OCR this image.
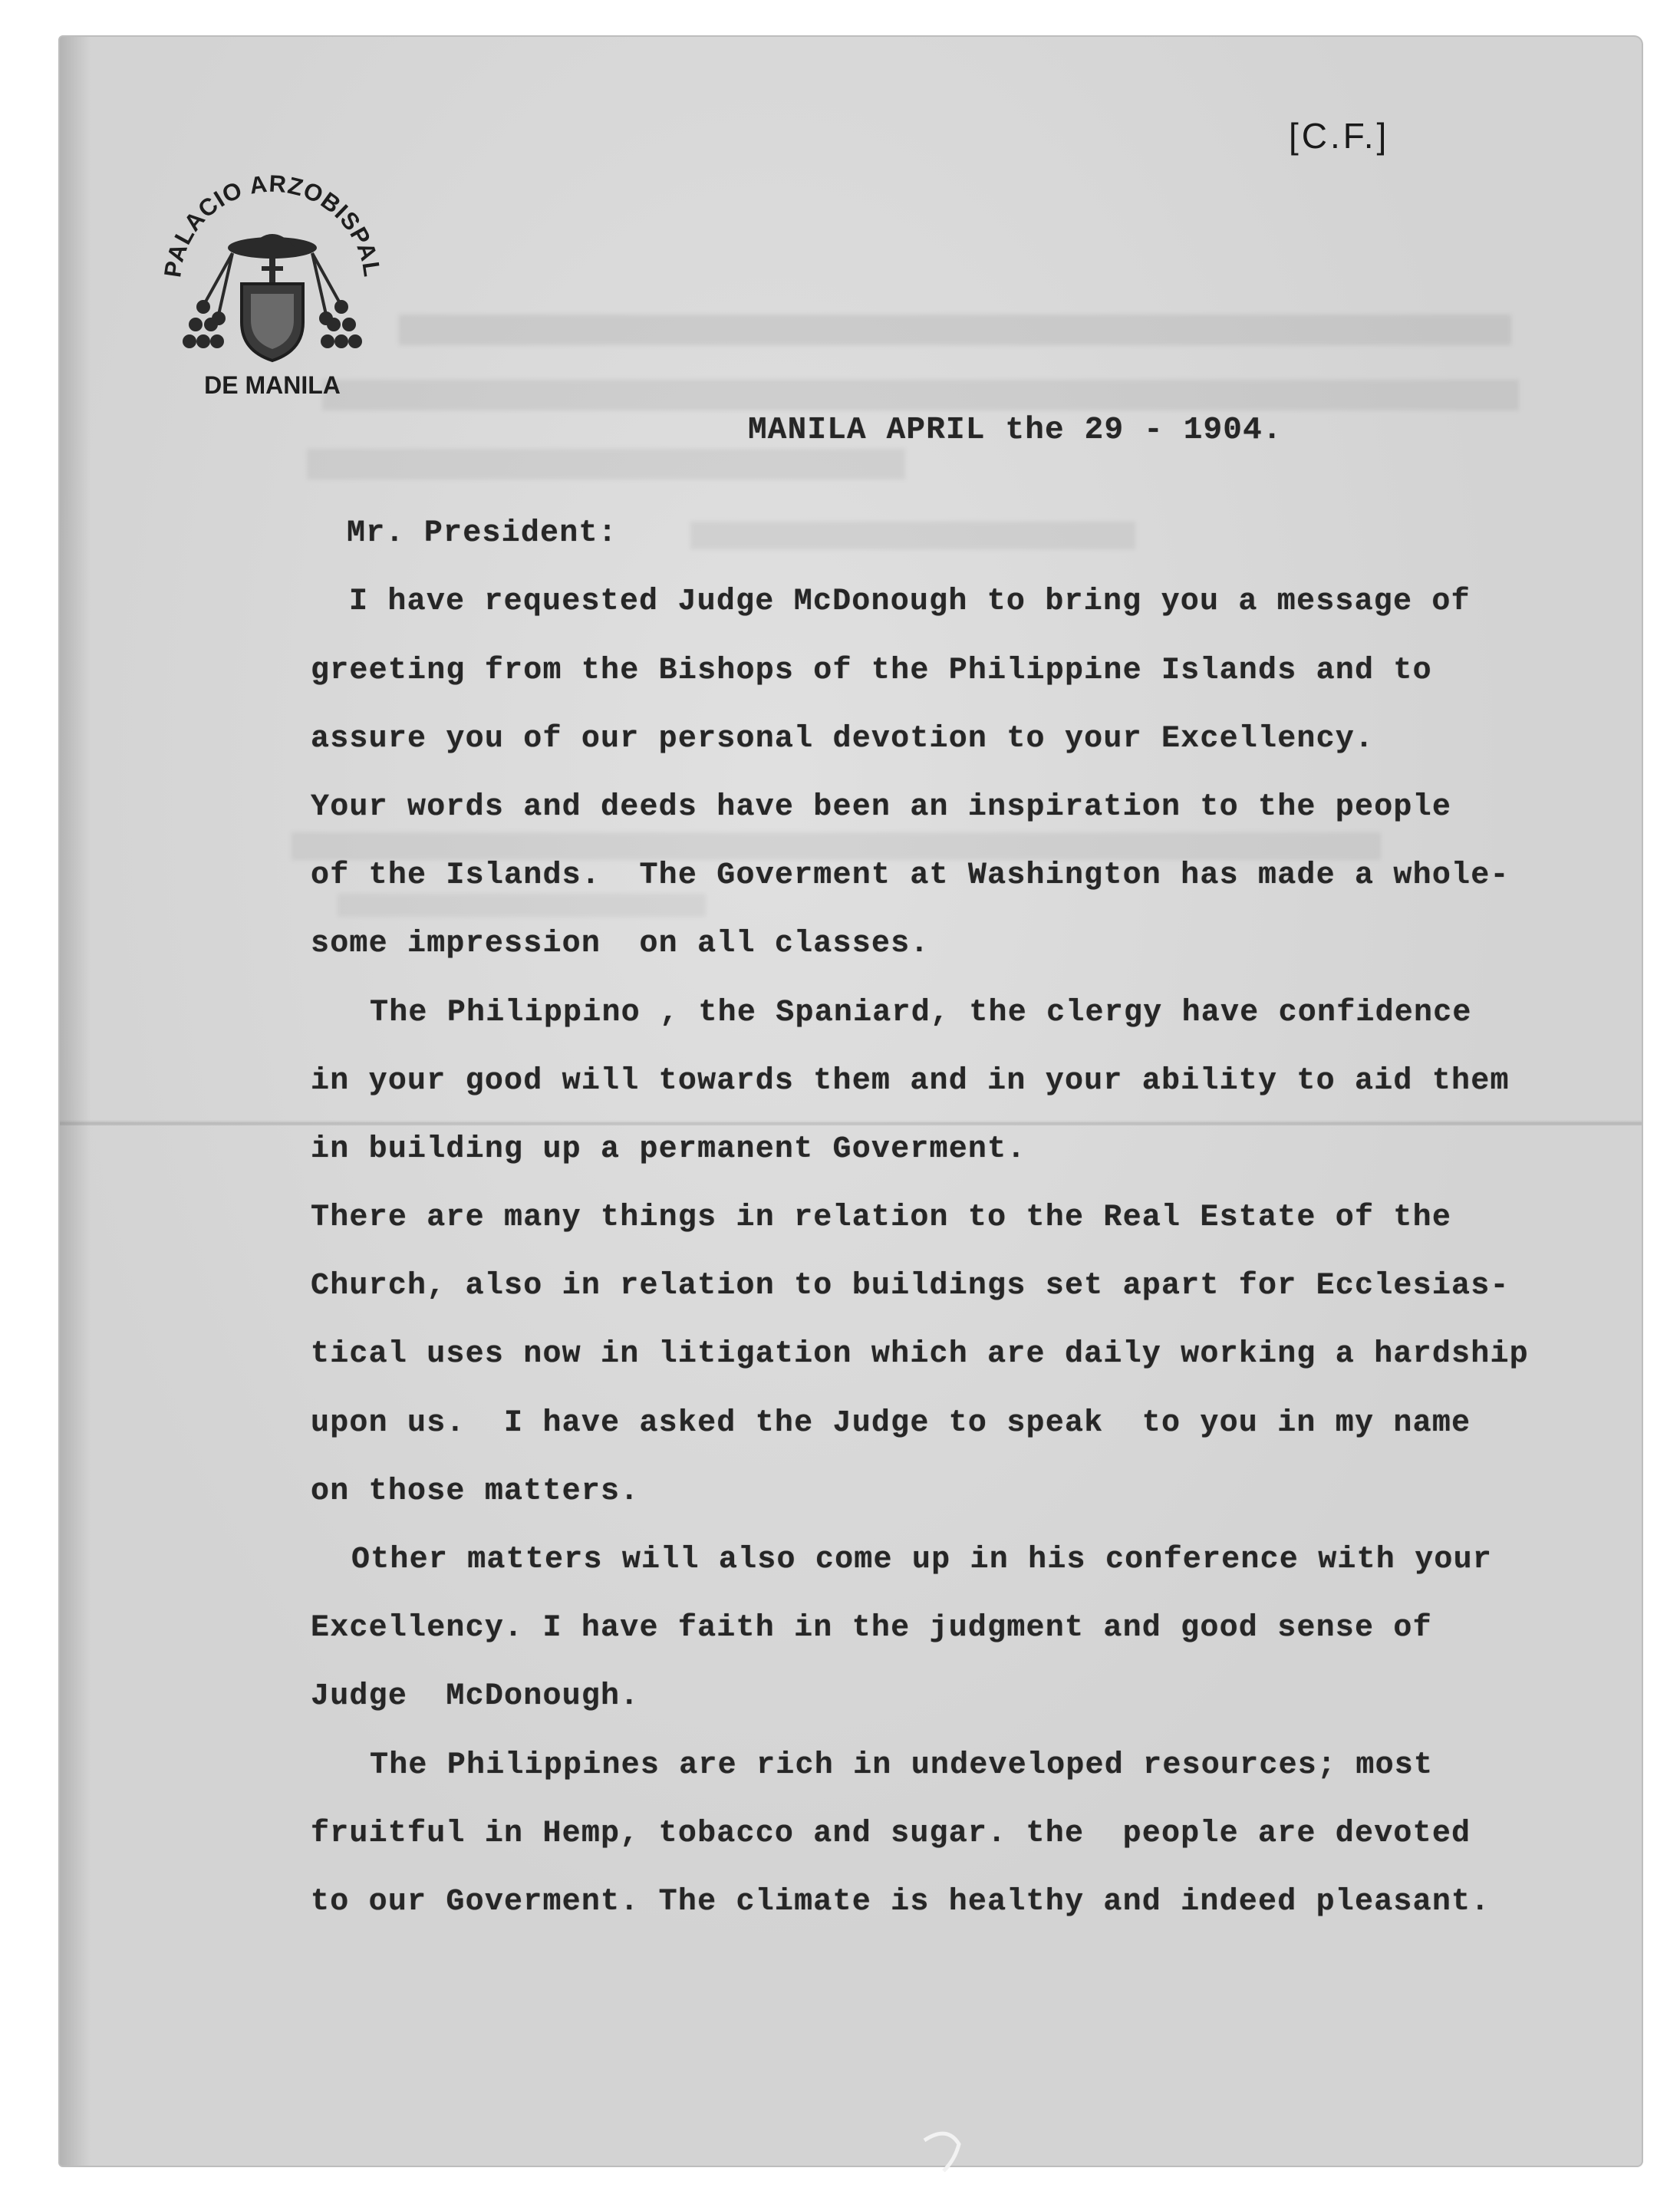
PALACIO ARZOBISPAL
DE MANILA
[C.F.]
MANILA APRIL the 29 - 1904.
Mr. President:
I have requested Judge McDonough to bring you a message of
greeting from the Bishops of the Philippine Islands and to
assure you of our personal devotion to your Excellency.
Your words and deeds have been an inspiration to the people
of the Islands.  The Goverment at Washington has made a whole-
some impression  on all classes.
The Philippino , the Spaniard, the clergy have confidence
in your good will towards them and in your ability to aid them
in building up a permanent Goverment.
There are many things in relation to the Real Estate of the
Church, also in relation to buildings set apart for Ecclesias-
tical uses now in litigation which are daily working a hardship
upon us.  I have asked the Judge to speak  to you in my name
on those matters.
Other matters will also come up in his conference with your
Excellency. I have faith in the judgment and good sense of
Judge  McDonough.
The Philippines are rich in undeveloped resources; most
fruitful in Hemp, tobacco and sugar. the  people are devoted
to our Goverment. The climate is healthy and indeed pleasant.
